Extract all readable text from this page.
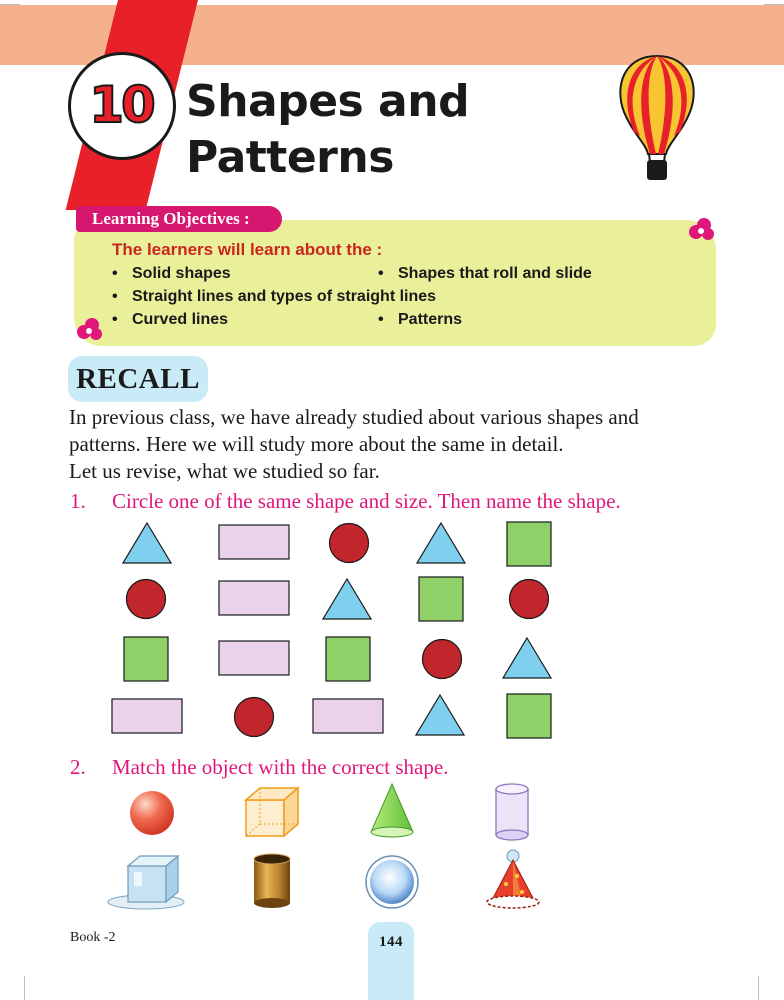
10 Shapes and
Patterns
Learning Objectives :
The learners will learn about the :
• Solid shapes	• Shapes that roll and slide
• Straight lines and types of straight lines
• Curved lines	• Patterns
RECALL
In previous class, we have already studied about various shapes and
patterns. Here we will study more about the same in detail.
Let us revise, what we studied so far.
1. Circle one of the same shape and size. Then name the shape.
2. Match the object with the correct shape.
Book -2	144
